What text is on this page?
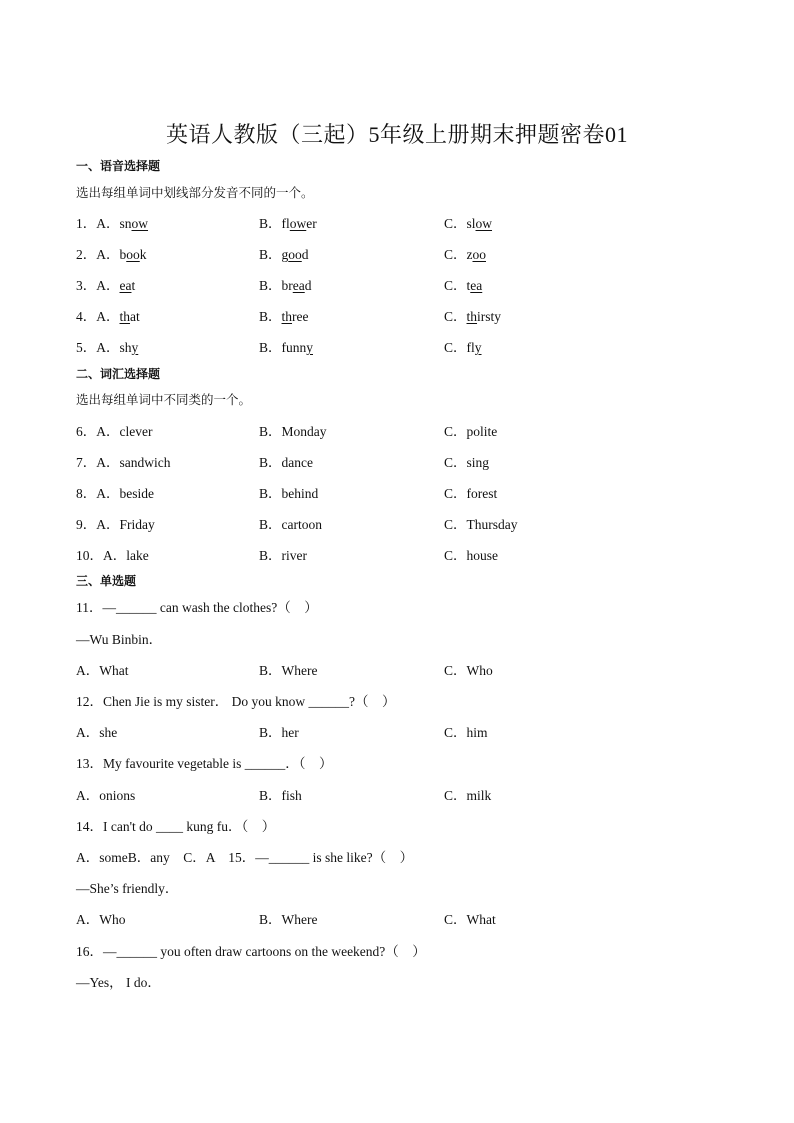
英语人教版（三起）5年级上册期末押题密卷01
一、语音选择题
选出每组单词中划线部分发音不同的一个。
1．A．snow	B．flower	C．slow
2．A．book	B．good	C．zoo
3．A．eat	B．bread	C．tea
4．A．that	B．three	C．thirsty
5．A．shy	B．funny	C．fly
二、词汇选择题
选出每组单词中不同类的一个。
6．A．clever	B．Monday	C．polite
7．A．sandwich	B．dance	C．sing
8．A．beside	B．behind	C．forest
9．A．Friday	B．cartoon	C．Thursday
10．A．lake	B．river	C．house
三、单选题
11．—______ can wash the clothes?（　）
—Wu Binbin．
A．What	B．Where	C．Who
12．Chen Jie is my sister． Do you know ______?（　）
A．she	B．her	C．him
13．My favourite vegetable is ______．（　）
A．onions	B．fish	C．milk
14．I can't do ____ kung fu．（　）
A．someB．any　C．A　15．—______ is she like?（　）
—She’s friendly．
A．Who	B．Where	C．What
16．—______ you often draw cartoons on the weekend?（　）
—Yes， I do．
